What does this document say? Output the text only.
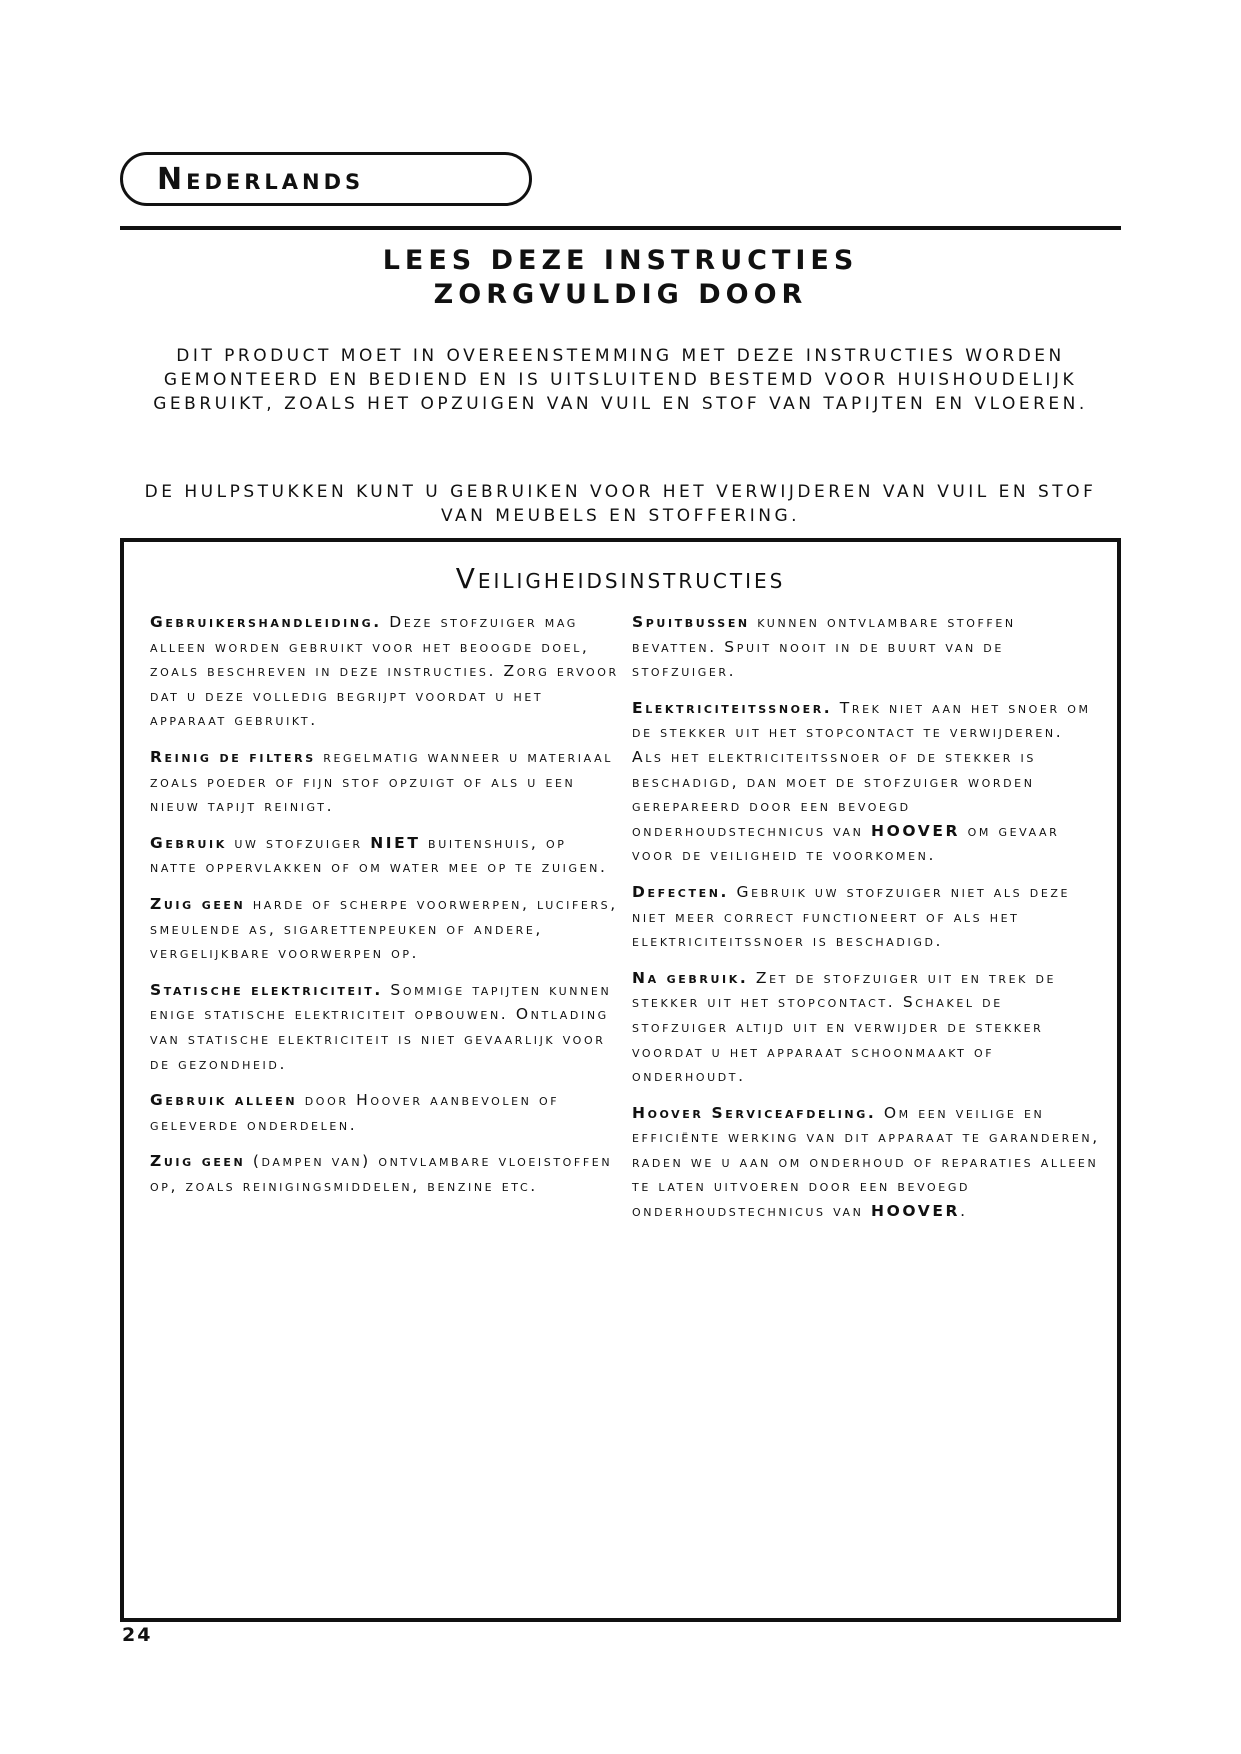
Nederlands
LEES DEZE INSTRUCTIES
ZORGVULDIG DOOR
DIT PRODUCT MOET IN OVEREENSTEMMING MET DEZE INSTRUCTIES WORDEN GEMONTEERD EN BEDIEND EN IS UITSLUITEND BESTEMD VOOR HUISHOUDELIJK GEBRUIKT, ZOALS HET OPZUIGEN VAN VUIL EN STOF VAN TAPIJTEN EN VLOEREN.
DE HULPSTUKKEN KUNT U GEBRUIKEN VOOR HET VERWIJDEREN VAN VUIL EN STOF VAN MEUBELS EN STOFFERING.
Veiligheidsinstructies

Gebruikershandleiding. Deze stofzuiger mag alleen worden gebruikt voor het beoogde doel, zoals beschreven in deze instructies. Zorg ervoor dat u deze volledig begrijpt voordat u het apparaat gebruikt.

Reinig de filters regelmatig wanneer u materiaal zoals poeder of fijn stof opzuigt of als u een nieuw tapijt reinigt.

Gebruik uw stofzuiger NIET buitenshuis, op natte oppervlakken of om water mee op te zuigen.

Zuig geen harde of scherpe voorwerpen, lucifers, smeulende as, sigarettenpeuken of andere, vergelijkbare voorwerpen op.

Statische elektriciteit. Sommige tapijten kunnen enige statische elektriciteit opbouwen. Ontlading van statische elektriciteit is niet gevaarlijk voor de gezondheid.

Gebruik alleen door Hoover aanbevolen of geleverde onderdelen.

Zuig geen (dampen van) ontvlambare vloeistoffen op, zoals reinigingsmiddelen, benzine etc.

Spuitbussen kunnen ontvlambare stoffen bevatten. Spuit nooit in de buurt van de stofzuiger.

Elektriciteitssnoer. Trek niet aan het snoer om de stekker uit het stopcontact te verwijderen. Als het elektriciteitssnoer of de stekker is beschadigd, dan moet de stofzuiger worden gerepareerd door een bevoegd onderhoudstechnicus van HOOVER om gevaar voor de veiligheid te voorkomen.

Defecten. Gebruik uw stofzuiger niet als deze niet meer correct functioneert of als het elektriciteitssnoer is beschadigd.

Na gebruik. Zet de stofzuiger uit en trek de stekker uit het stopcontact. Schakel de stofzuiger altijd uit en verwijder de stekker voordat u het apparaat schoonmaakt of onderhoudt.

Hoover Serviceafdeling. Om een veilige en efficiënte werking van dit apparaat te garanderen, raden we u aan om onderhoud of reparaties alleen te laten uitvoeren door een bevoegd onderhoudstechnicus van HOOVER.

24
